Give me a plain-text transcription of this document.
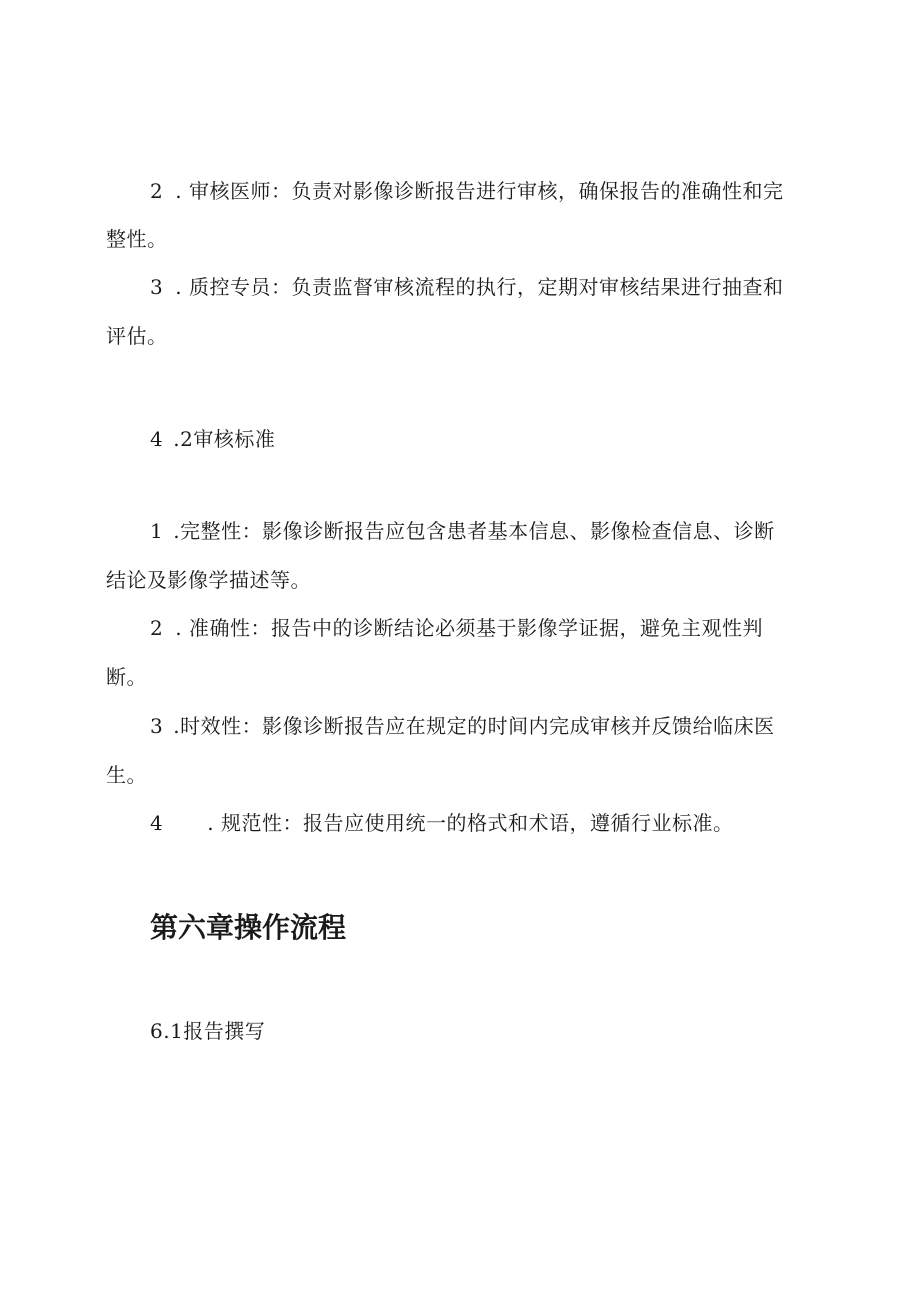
2 . 审核医师：负责对影像诊断报告进行审核，确保报告的准确性和完

整性。

3 . 质控专员：负责监督审核流程的执行，定期对审核结果进行抽查和

评估。

4 .2审核标准

1 .完整性：影像诊断报告应包含患者基本信息、影像检查信息、诊断

结论及影像学描述等。

2 . 准确性：报告中的诊断结论必须基于影像学证据，避免主观性判

断。

3 .时效性：影像诊断报告应在规定的时间内完成审核并反馈给临床医

生。

4 . 规范性：报告应使用统一的格式和术语，遵循行业标准。

第六章操作流程

6.1报告撰写
